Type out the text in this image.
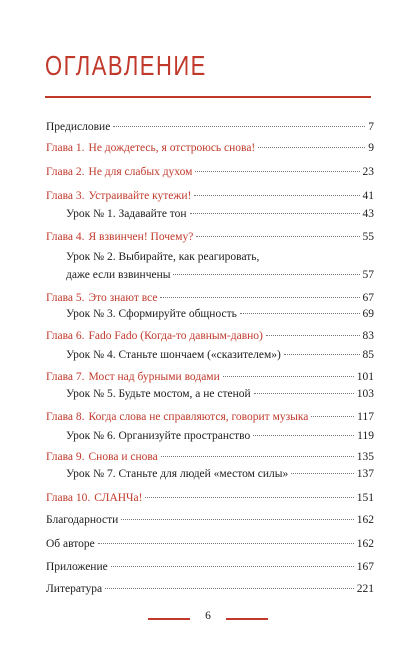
ОГЛАВЛЕНИЕ
Предисловие	7
Глава 1. Не дождетесь, я отстроюсь снова!	9
Глава 2. Не для слабых духом	23
Глава 3. Устраивайте кутежи!	41
Урок № 1. Задавайте тон	43
Глава 4. Я взвинчен! Почему?	55
Урок № 2. Выбирайте, как реагировать,
даже если взвинчены	57
Глава 5. Это знают все	67
Урок № 3. Сформируйте общность	69
Глава 6. Fado Fado (Когда-то давным-давно)	83
Урок № 4. Станьте шончаем («сказителем»)	85
Глава 7. Мост над бурными водами	101
Урок № 5. Будьте мостом, а не стеной	103
Глава 8. Когда слова не справляются, говорит музыка	117
Урок № 6. Организуйте пространство	119
Глава 9. Снова и снова	135
Урок № 7. Станьте для людей «местом силы»	137
Глава 10. СЛАНЧа!	151
Благодарности	162
Об авторе	162
Приложение	167
Литература	221
6
